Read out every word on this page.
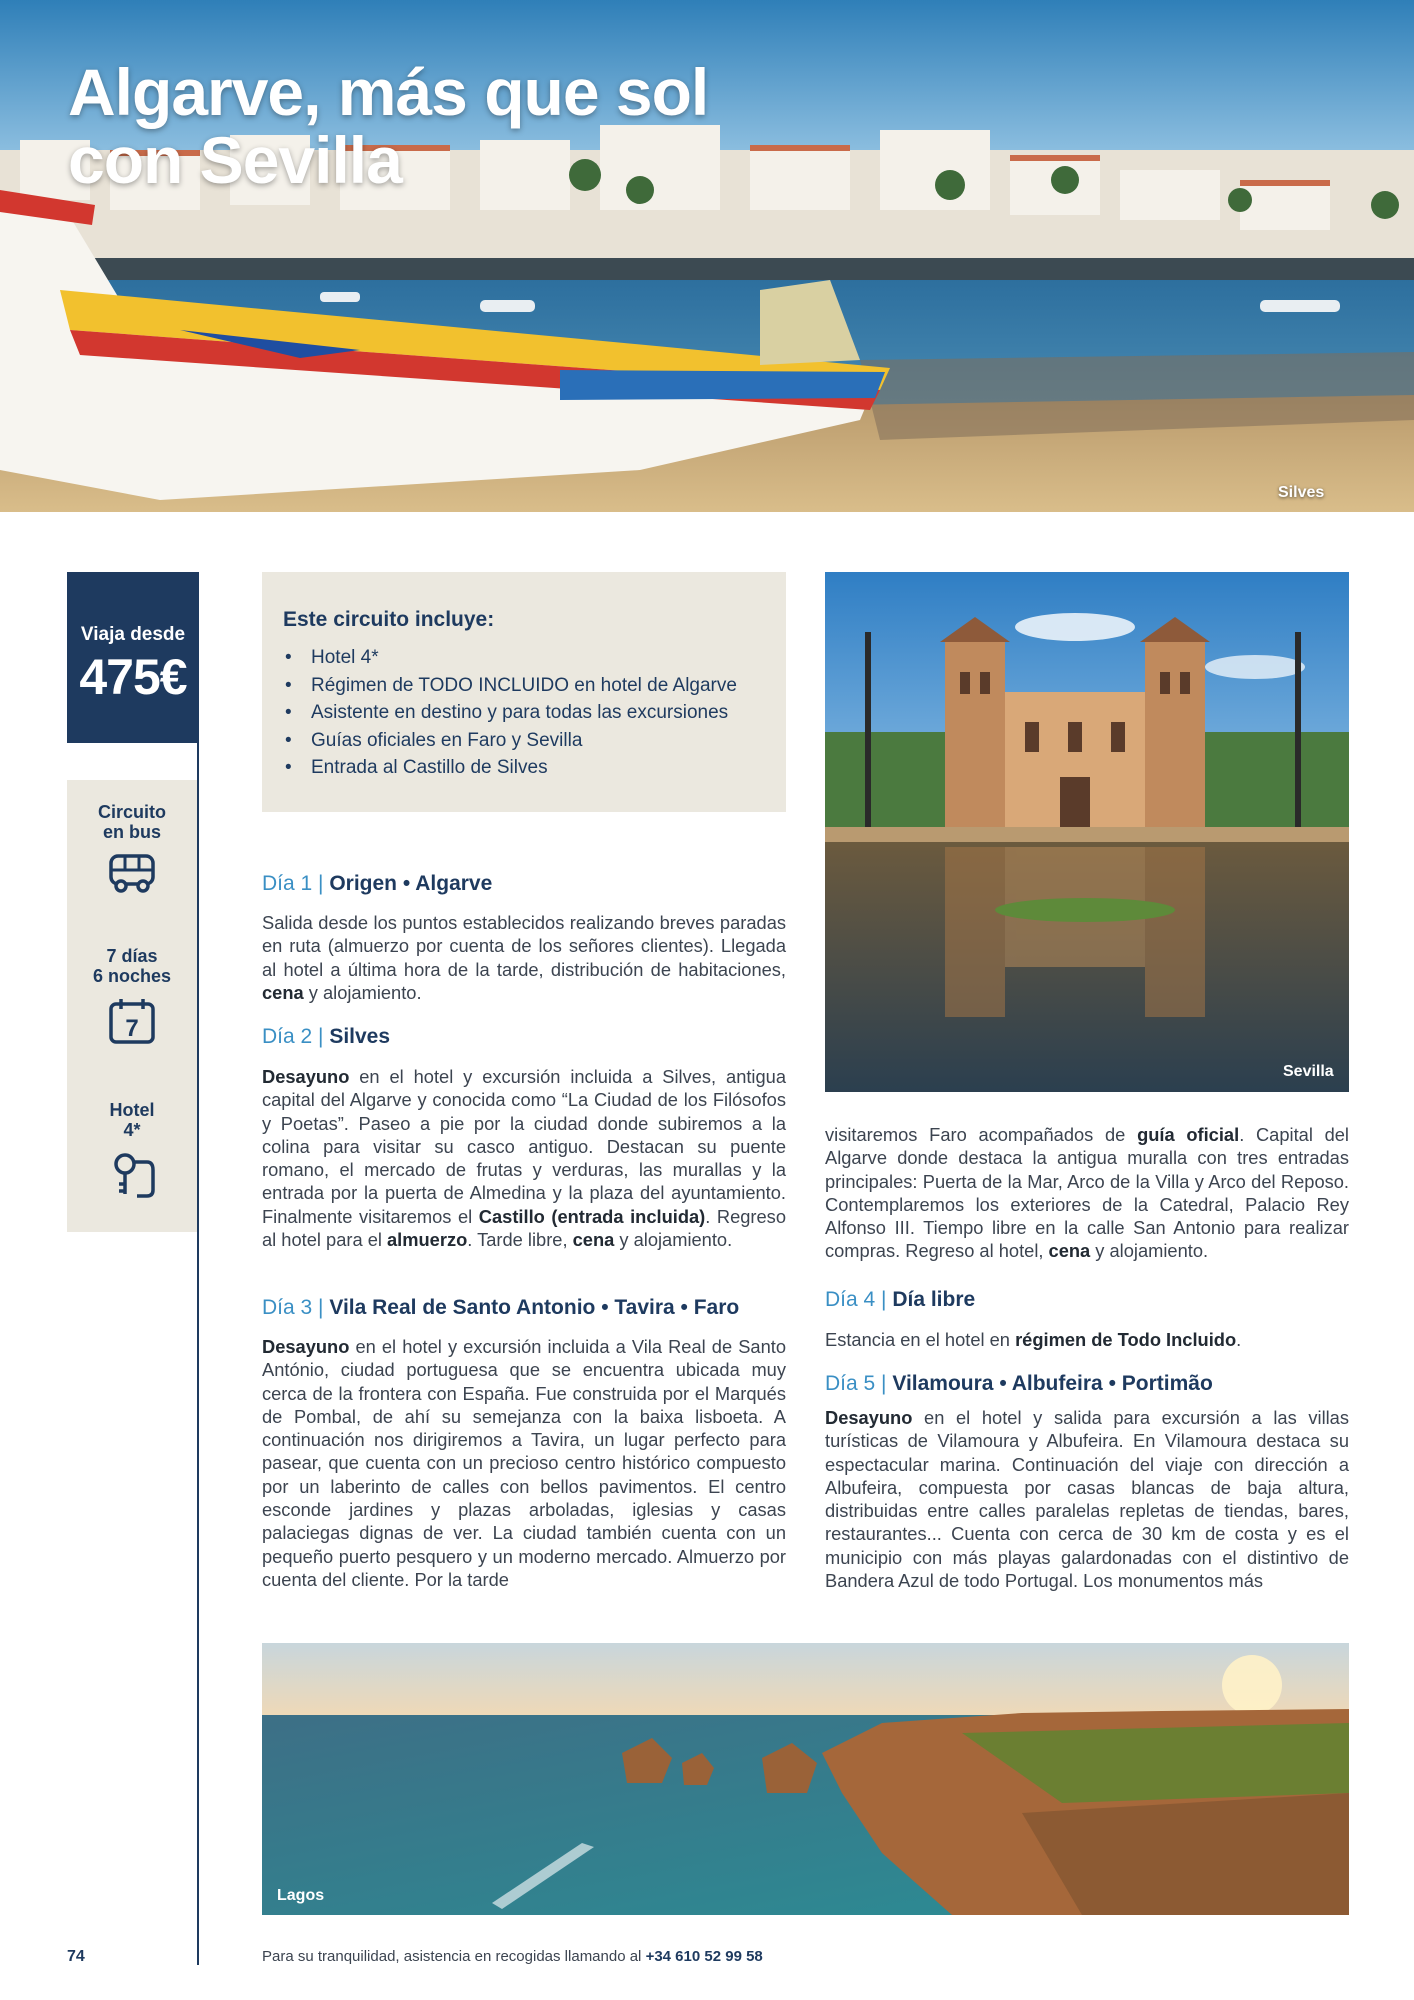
Silves
Algarve, más que sol
con Sevilla
Viaja desde
475€
Circuito
en bus
7 días
6 noches
7
Hotel
4*
Este circuito incluye:
• Hotel 4*
• Régimen de TODO INCLUIDO en hotel de Algarve
• Asistente en destino y para todas las excursiones
• Guías oficiales en Faro y Sevilla
• Entrada al Castillo de Silves
Día 1 | Origen • Algarve

Salida desde los puntos establecidos realizando breves paradas en ruta (almuerzo por cuenta de los señores clientes). Llegada al hotel a última hora de la tarde, distribución de habitaciones, cena y alojamiento.

Día 2 | Silves

Desayuno en el hotel y excursión incluida a Silves, antigua capital del Algarve y conocida como “La Ciudad de los Filósofos y Poetas”. Paseo a pie por la ciudad donde subiremos a la colina para visitar su casco antiguo. Destacan su puente romano, el mercado de frutas y verduras, las murallas y la entrada por la puerta de Almedina y la plaza del ayuntamiento. Finalmente visitaremos el Castillo (entrada incluida). Regreso al hotel para el almuerzo. Tarde libre, cena y alojamiento.

Día 3 | Vila Real de Santo Antonio • Tavira • Faro

Desayuno en el hotel y excursión incluida a Vila Real de Santo António, ciudad portuguesa que se encuentra ubicada muy cerca de la frontera con España. Fue construida por el Marqués de Pombal, de ahí su semejanza con la baixa lisboeta. A continuación nos dirigiremos a Tavira, un lugar perfecto para pasear, que cuenta con un precioso centro histórico compuesto por un laberinto de calles con bellos pavimentos. El centro esconde jardines y plazas arboladas, iglesias y casas palaciegas dignas de ver. La ciudad también cuenta con un pequeño puerto pesquero y un moderno mercado. Almuerzo por cuenta del cliente. Por la tarde

Sevilla

visitaremos Faro acompañados de guía oficial. Capital del Algarve donde destaca la antigua muralla con tres entradas principales: Puerta de la Mar, Arco de la Villa y Arco del Reposo. Contemplaremos los exteriores de la Catedral, Palacio Rey Alfonso III. Tiempo libre en la calle San Antonio para realizar compras. Regreso al hotel, cena y alojamiento.

Día 4 | Día libre

Estancia en el hotel en régimen de Todo Incluido.

Día 5 | Vilamoura • Albufeira • Portimão

Desayuno en el hotel y salida para excursión a las villas turísticas de Vilamoura y Albufeira. En Vilamoura destaca su espectacular marina. Continuación del viaje con dirección a Albufeira, compuesta por casas blancas de baja altura, distribuidas entre calles paralelas repletas de tiendas, bares, restaurantes... Cuenta con cerca de 30 km de costa y es el municipio con más playas galardonadas con el distintivo de Bandera Azul de todo Portugal. Los monumentos más

Lagos
74	Para su tranquilidad, asistencia en recogidas llamando al +34 610 52 99 58
